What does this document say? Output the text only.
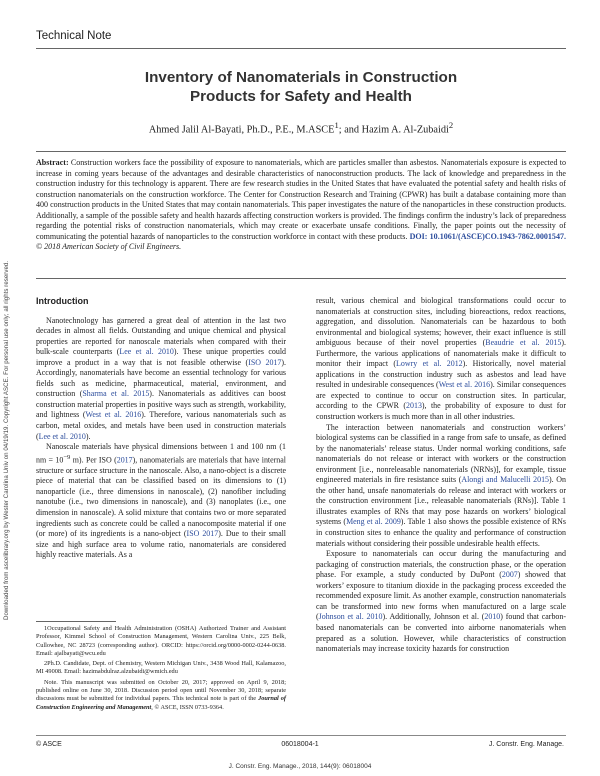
Downloaded from ascelibrary.org by Wester Carolina Univ on 04/19/19. Copyright ASCE. For personal use only; all rights reserved.
Technical Note
Inventory of Nanomaterials in Construction
Products for Safety and Health
Ahmed Jalil Al-Bayati, Ph.D., P.E., M.ASCE$^1$; and Hazim A. Al-Zubaidi$^2$
Abstract: Construction workers face the possibility of exposure to nanomaterials, which are particles smaller than asbestos. Nanomaterials exposure is expected to increase in coming years because of the advantages and desirable characteristics of nanoconstruction products. The lack of knowledge and preparedness in the construction industry for this technology is apparent. There are few research studies in the United States that have evaluated the potential safety and health risks of construction nanomaterials on the construction workforce. The Center for Construction Research and Training (CPWR) has built a database containing more than 400 construction products in the United States that may contain nanomaterials. This paper investigates the nature of the nanoparticles in these construction products. Additionally, a sample of the possible safety and health hazards affecting construction workers is provided. The findings confirm the industry’s lack of preparedness regarding the potential risks of construction nanomaterials, which may create or exacerbate unsafe conditions. Finally, the paper points out the necessity of communicating the potential hazards of nanoparticles to the construction workforce in contact with these products. DOI: 10.1061/(ASCE)CO.1943-7862.0001547. © 2018 American Society of Civil Engineers.
Introduction

Nanotechnology has garnered a great deal of attention in the last two decades in almost all fields. Outstanding and unique chemical and physical properties are reported for nanoscale materials when compared with their bulk-scale counterparts (Lee et al. 2010). These unique properties could improve a product in a way that is not feasible otherwise (ISO 2017). Accordingly, nanomaterials have become an essential technology for various fields such as medicine, pharmaceutical, material, environment, and construction (Sharma et al. 2015). Nanomaterials as additives can boost construction material properties in positive ways such as strength, workability, and lightness (West et al. 2016). Therefore, various nanomaterials such as carbon, metal oxides, and metals have been used in construction materials (Lee et al. 2010).

Nanoscale materials have physical dimensions between 1 and 100 nm (1 nm = $10^{-9}$ m). Per ISO (2017), nanomaterials are materials that have internal structure or surface structure in the nanoscale. Also, a nano-object is a discrete piece of material that can be classified based on its dimensions to (1) nanoparticle (i.e., three dimensions in nanoscale), (2) nanofiber including nanotube (i.e., two dimensions in nanoscale), and (3) nanoplates (i.e., one dimension in nanoscale). A solid mixture that contains two or more separated ingredients such as concrete could be called a nanocomposite material if one (or more) of its ingredients is a nano-object (ISO 2017). Due to their small size and high surface area to volume ratio, nanomaterials are considered highly reactive materials. As a

result, various chemical and biological transformations could occur to nanomaterials at construction sites, including bioreactions, redox reactions, aggregation, and dissolution. Nanomaterials can be hazardous to both environmental and biological systems; however, their exact influence is still ambiguous because of their novel properties (Beaudrie et al. 2015). Furthermore, the various applications of nanomaterials make it difficult to monitor their impact (Lowry et al. 2012). Historically, novel material applications in the construction industry such as asbestos and lead have resulted in undesirable consequences (West et al. 2016). Similar consequences are expected to continue to occur on construction sites. In particular, according to the CPWR (2013), the probability of exposure to dust for construction workers is much more than in all other industries.

The interaction between nanomaterials and construction workers’ biological systems can be classified in a range from safe to unsafe, as defined by the nanomaterials’ release status. Under normal working conditions, safe nanomaterials do not release or interact with workers or the construction environment [i.e., nonreleasable nanomaterials (NRNs)], for example, tissue engineered materials in fire resistance suits (Alongi and Malucelli 2015). On the other hand, unsafe nanomaterials do release and interact with workers or the construction environment [i.e., releasable nanomaterials (RNs)]. Table 1 illustrates examples of RNs that may pose hazards on workers’ biological systems (Meng et al. 2009). Table 1 also shows the possible existence of RNs in construction sites to enhance the quality and performance of construction materials without considering their possible undesirable health effects.

Exposure to nanomaterials can occur during the manufacturing and packaging of construction materials, the construction phase, or the operation phase. For example, a study conducted by DuPont (2007) showed that workers’ exposure to titanium dioxide in the packaging process exceeded the recommended exposure limit. As another example, construction nanomaterials can be transformed into new forms when manufactured on a large scale (Johnson et al. 2010). Additionally, Johnson et al. (2010) found that carbon-based nanomaterials can be converted into airborne nanomaterials when prepared as a solution. However, while characteristics of construction nanomaterials may increase toxicity hazards for construction

1Occupational Safety and Health Administration (OSHA) Authorized Trainer and Assistant Professor, Kimmel School of Construction Management, Western Carolina Univ., 225 Belk, Cullowhee, NC 28723 (corresponding author). ORCID: https://orcid.org/0000-0002-0244-0638. Email: ajalbayati@wcu.edu

2Ph.D. Candidate, Dept. of Chemistry, Western Michigan Univ., 3438 Wood Hall, Kalamazoo, MI 49008. Email: hazimabdulraz.alzubaidi@wmich.edu

Note. This manuscript was submitted on October 20, 2017; approved on April 9, 2018; published online on June 30, 2018. Discussion period open until November 30, 2018; separate discussions must be submitted for individual papers. This technical note is part of the Journal of Construction Engineering and Management, © ASCE, ISSN 0733-9364.

© ASCE	06018004-1	J. Constr. Eng. Manage.
J. Constr. Eng. Manage., 2018, 144(9): 06018004
